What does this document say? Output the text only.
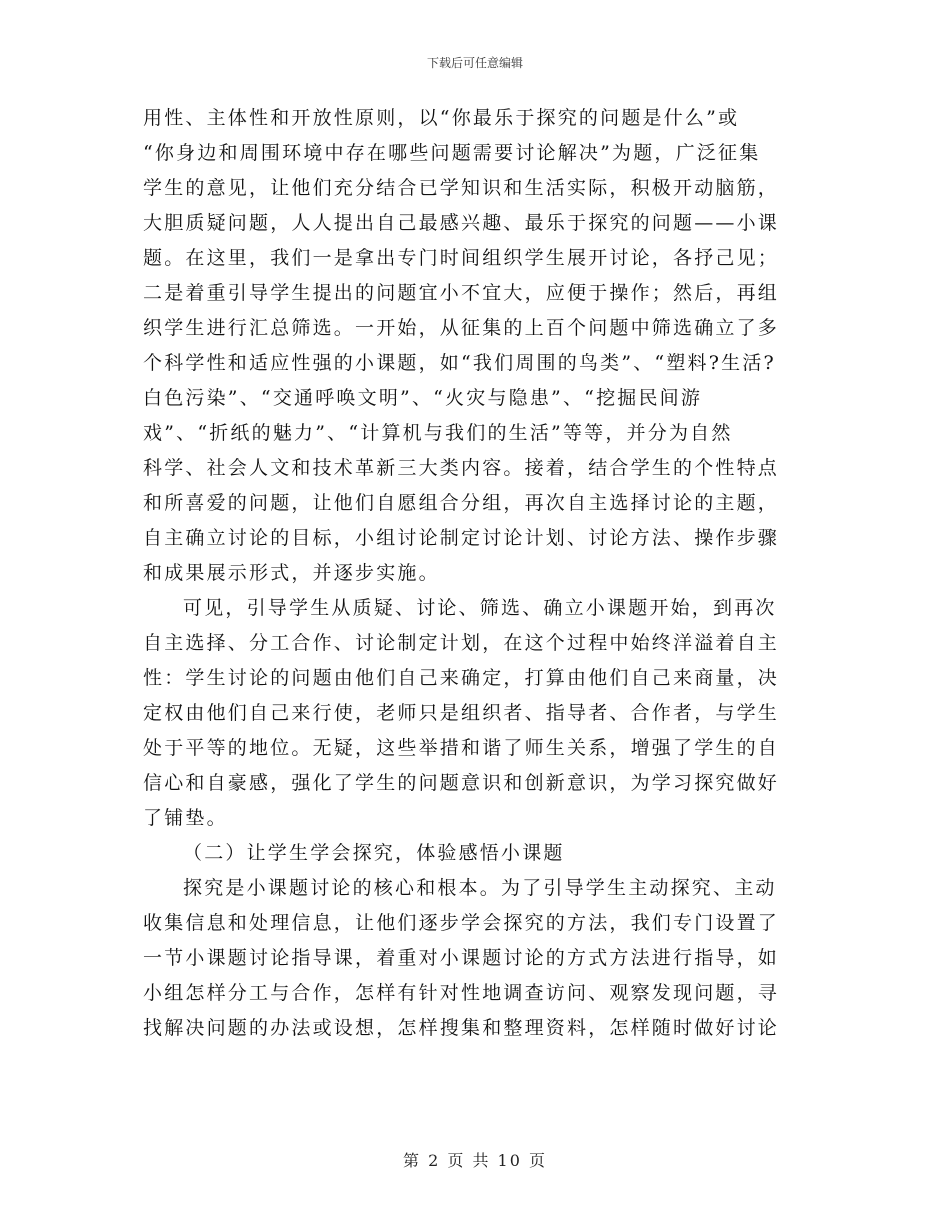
下载后可任意编辑
用性、主体性和开放性原则，以“你最乐于探究的问题是什么”或
“你身边和周围环境中存在哪些问题需要讨论解决”为题，广泛征集
学生的意见，让他们充分结合已学知识和生活实际，积极开动脑筋，
大胆质疑问题，人人提出自己最感兴趣、最乐于探究的问题——小课
题。在这里，我们一是拿出专门时间组织学生展开讨论，各抒己见；
二是着重引导学生提出的问题宜小不宜大，应便于操作；然后，再组
织学生进行汇总筛选。一开始，从征集的上百个问题中筛选确立了多
个科学性和适应性强的小课题，如“我们周围的鸟类”、“塑料?生活?
白色污染”、“交通呼唤文明”、“火灾与隐患”、“挖掘民间游
戏”、“折纸的魅力”、“计算机与我们的生活”等等，并分为自然
科学、社会人文和技术革新三大类内容。接着，结合学生的个性特点
和所喜爱的问题，让他们自愿组合分组，再次自主选择讨论的主题，
自主确立讨论的目标，小组讨论制定讨论计划、讨论方法、操作步骤
和成果展示形式，并逐步实施。
可见，引导学生从质疑、讨论、筛选、确立小课题开始，到再次
自主选择、分工合作、讨论制定计划，在这个过程中始终洋溢着自主
性：学生讨论的问题由他们自己来确定，打算由他们自己来商量，决
定权由他们自己来行使，老师只是组织者、指导者、合作者，与学生
处于平等的地位。无疑，这些举措和谐了师生关系，增强了学生的自
信心和自豪感，强化了学生的问题意识和创新意识，为学习探究做好
了铺垫。
（二）让学生学会探究，体验感悟小课题
探究是小课题讨论的核心和根本。为了引导学生主动探究、主动
收集信息和处理信息，让他们逐步学会探究的方法，我们专门设置了
一节小课题讨论指导课，着重对小课题讨论的方式方法进行指导，如
小组怎样分工与合作，怎样有针对性地调查访问、观察发现问题，寻
找解决问题的办法或设想，怎样搜集和整理资料，怎样随时做好讨论
第 2 页 共 10 页
